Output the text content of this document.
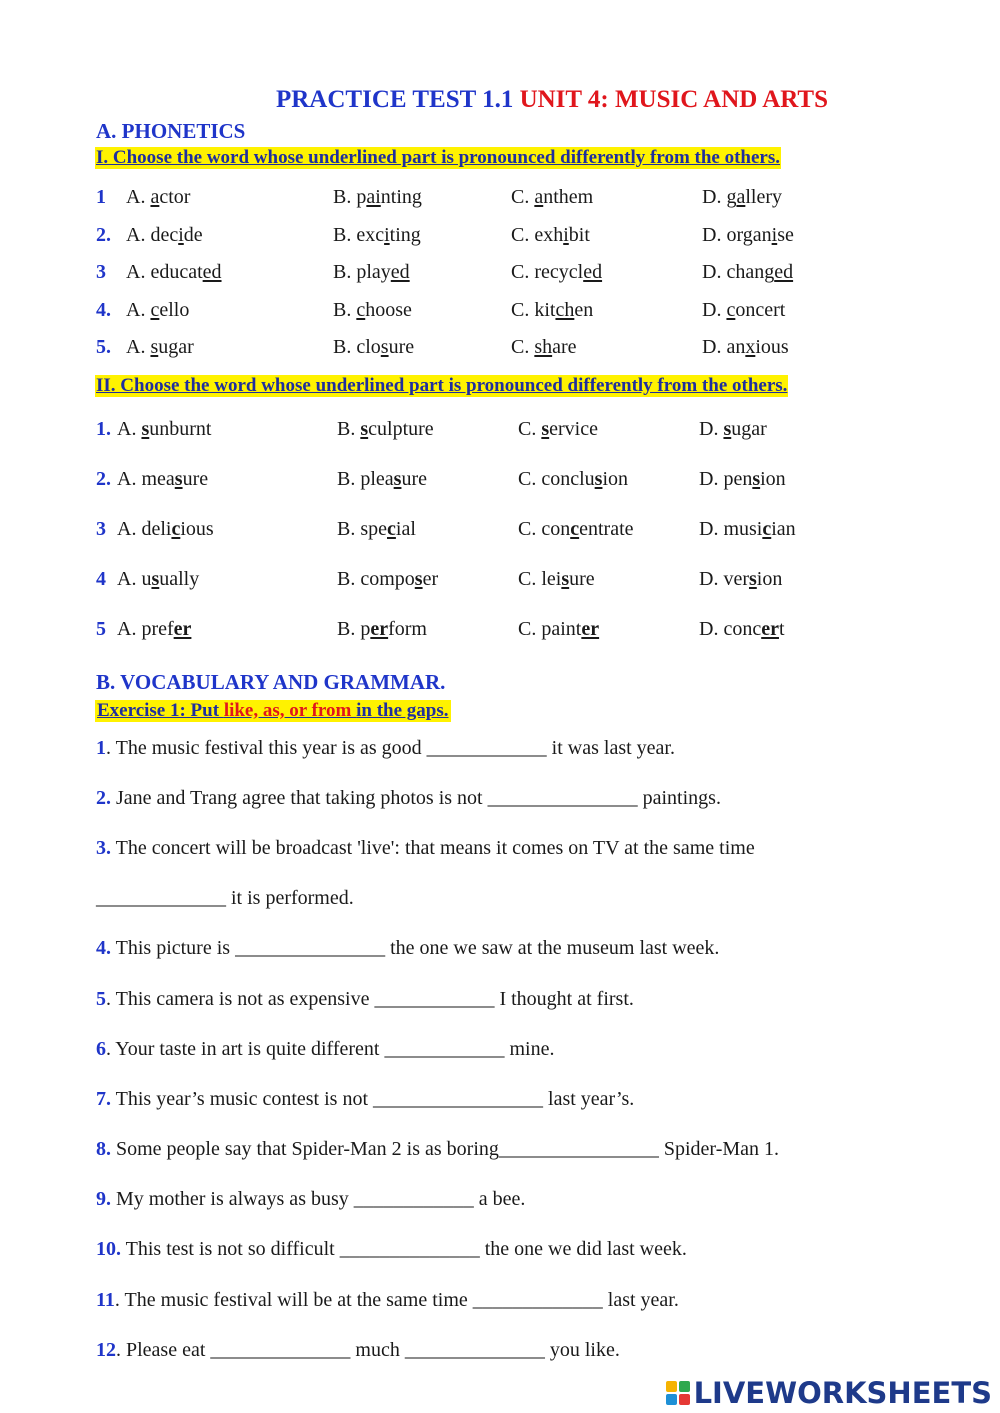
PRACTICE TEST 1.1 UNIT 4: MUSIC AND ARTS
A. PHONETICS
I. Choose the word whose underlined part is pronounced differently from the others.
1 A. actor	B. painting	C. anthem	D. gallery
2. A. decide	B. exciting	C. exhibit	D. organise
3 A. educated	B. played	C. recycled	D. changed
4. A. cello	B. choose	C. kitchen	D. concert
5. A. sugar	B. closure	C. share	D. anxious
II. Choose the word whose underlined part is pronounced differently from the others.
1. A. sunburnt	B. sculpture	C. service	D. sugar
2. A. measure	B. pleasure	C. conclusion	D. pension
3 A. delicious	B. special	C. concentrate	D. musician
4 A. usually	B. composer	C. leisure	D. version
5 A. prefer	B. perform	C. painter	D. concert
B. VOCABULARY AND GRAMMAR.
Exercise 1: Put like, as, or from in the gaps.
1. The music festival this year is as good ____________ it was last year.
2. Jane and Trang agree that taking photos is not _______________ paintings.
3. The concert will be broadcast 'live': that means it comes on TV at the same time
_____________ it is performed.
4. This picture is _______________ the one we saw at the museum last week.
5. This camera is not as expensive ____________ I thought at first.
6. Your taste in art is quite different ____________ mine.
7. This year’s music contest is not _________________ last year’s.
8. Some people say that Spider-Man 2 is as boring________________ Spider-Man 1.
9. My mother is always as busy ____________ a bee.
10. This test is not so difficult ______________ the one we did last week.
11. The music festival will be at the same time _____________ last year.
12. Please eat ______________ much ______________ you like.
LIVEWORKSHEETS
